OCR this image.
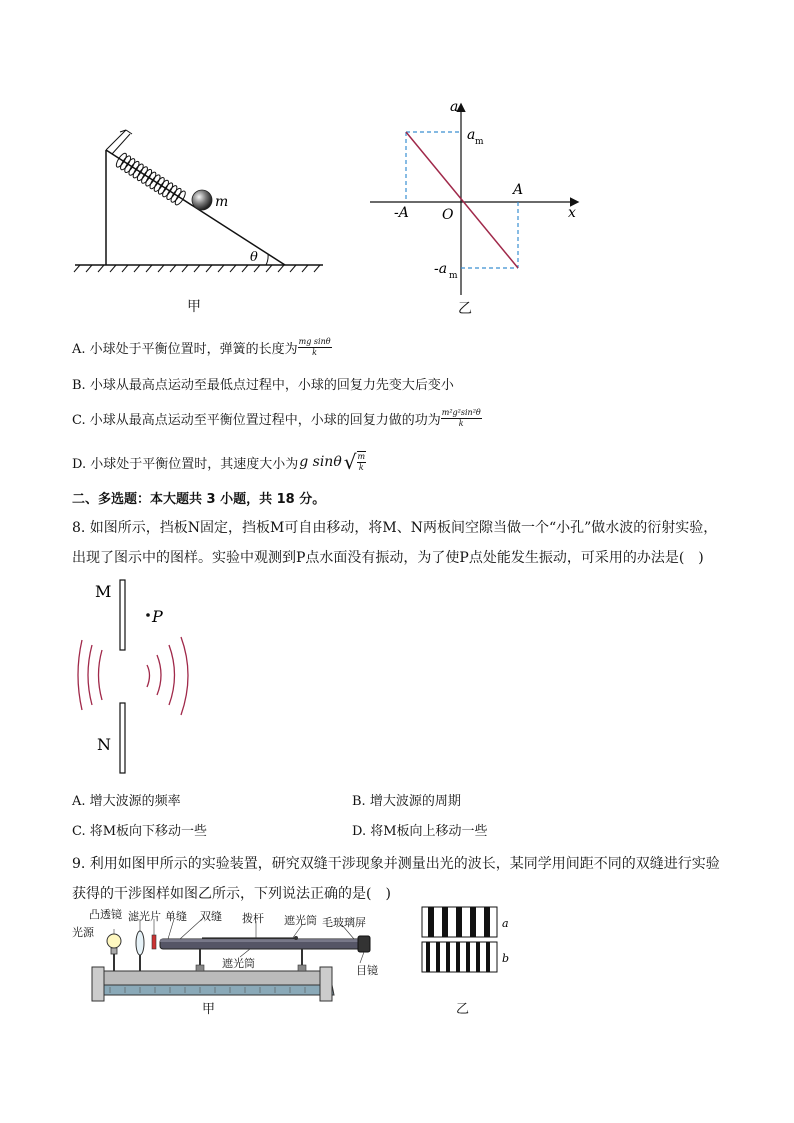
m
θ
甲
a
x
a m
A
-A O
-a m
乙
A. 小球处于平衡位置时，弹簧的长度为 $\frac{\text{mg sinθ}}{k}$
B. 小球从最高点运动至最低点过程中，小球的回复力先变大后变小
C. 小球从最高点运动至平衡位置过程中，小球的回复力做的功为 $\frac{\text{m²g²sin²θ}}{k}$
D. 小球处于平衡位置时，其速度大小为 g sinθ √ $\frac{m}{k}$
二、多选题：本大题共 3 小题，共 18 分。
8. 如图所示，挡板N固定，挡板M可自由移动，将M、N两板间空隙当做一个“小孔”做水波的衍射实验，
出现了图示中的图样。实验中观测到P点水面没有振动，为了使P点处能发生振动，可采用的办法是(　)
M
N
P
A. 增大波源的频率	B. 增大波源的周期
C. 将M板向下移动一些	D. 将M板向上移动一些
9. 利用如图甲所示的实验装置，研究双缝干涉现象并测量出光的波长，某同学用间距不同的双缝进行实验
获得的干涉图样如图乙所示，下列说法正确的是(　)
光源
凸透镜 滤光片 单缝 双缝 拨杆 遮光筒 毛玻璃屏
遮光筒
目镜
甲
a
b
乙
